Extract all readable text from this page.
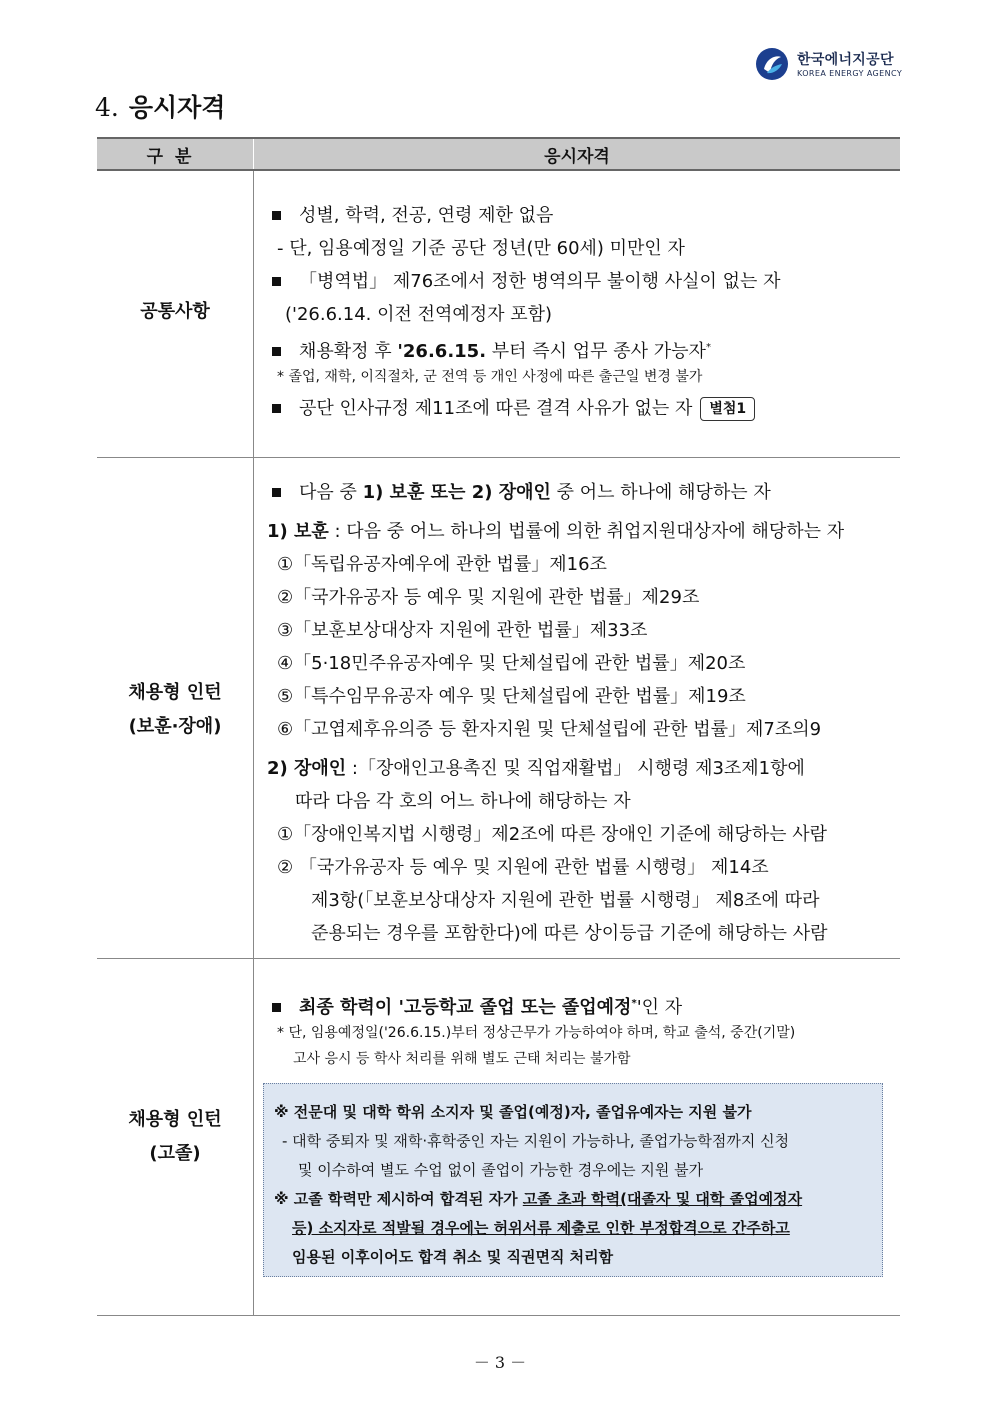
한국에너지공단
KOREA ENERGY AGENCY
4. 응시자격
구분	응시자격
공통사항
성별, 학력, 전공, 연령 제한 없음
- 단, 임용예정일 기준 공단 정년(만 60세) 미만인 자
「병역법」 제76조에서 정한 병역의무 불이행 사실이 없는 자
('26.6.14. 이전 전역예정자 포함)
채용확정 후 '26.6.15. 부터 즉시 업무 종사 가능자*
* 졸업, 재학, 이직절차, 군 전역 등 개인 사정에 따른 출근일 변경 불가
공단 인사규정 제11조에 따른 결격 사유가 없는 자 별첨1
채용형 인턴
(보훈·장애)
다음 중 1) 보훈 또는 2) 장애인 중 어느 하나에 해당하는 자
1) 보훈 : 다음 중 어느 하나의 법률에 의한 취업지원대상자에 해당하는 자
①「독립유공자예우에 관한 법률」제16조
②「국가유공자 등 예우 및 지원에 관한 법률」제29조
③「보훈보상대상자 지원에 관한 법률」제33조
④「5·18민주유공자예우 및 단체설립에 관한 법률」제20조
⑤「특수임무유공자 예우 및 단체설립에 관한 법률」제19조
⑥「고엽제후유의증 등 환자지원 및 단체설립에 관한 법률」제7조의9
2) 장애인 :「장애인고용촉진 및 직업재활법」 시행령 제3조제1항에
따라 다음 각 호의 어느 하나에 해당하는 자
①「장애인복지법 시행령」제2조에 따른 장애인 기준에 해당하는 사람
② 「국가유공자 등 예우 및 지원에 관한 법률 시행령」 제14조
제3항(「보훈보상대상자 지원에 관한 법률 시행령」 제8조에 따라
준용되는 경우를 포함한다)에 따른 상이등급 기준에 해당하는 사람
채용형 인턴
(고졸)
최종 학력이 '고등학교 졸업 또는 졸업예정*'인 자
* 단, 임용예정일('26.6.15.)부터 정상근무가 가능하여야 하며, 학교 출석, 중간(기말)
고사 응시 등 학사 처리를 위해 별도 근태 처리는 불가함
※ 전문대 및 대학 학위 소지자 및 졸업(예정)자, 졸업유예자는 지원 불가
- 대학 중퇴자 및 재학·휴학중인 자는 지원이 가능하나, 졸업가능학점까지 신청
및 이수하여 별도 수업 없이 졸업이 가능한 경우에는 지원 불가
※ 고졸 학력만 제시하여 합격된 자가 고졸 초과 학력(대졸자 및 대학 졸업예정자
등) 소지자로 적발될 경우에는 허위서류 제출로 인한 부정합격으로 간주하고
임용된 이후이어도 합격 취소 및 직권면직 처리함
－ 3 －
